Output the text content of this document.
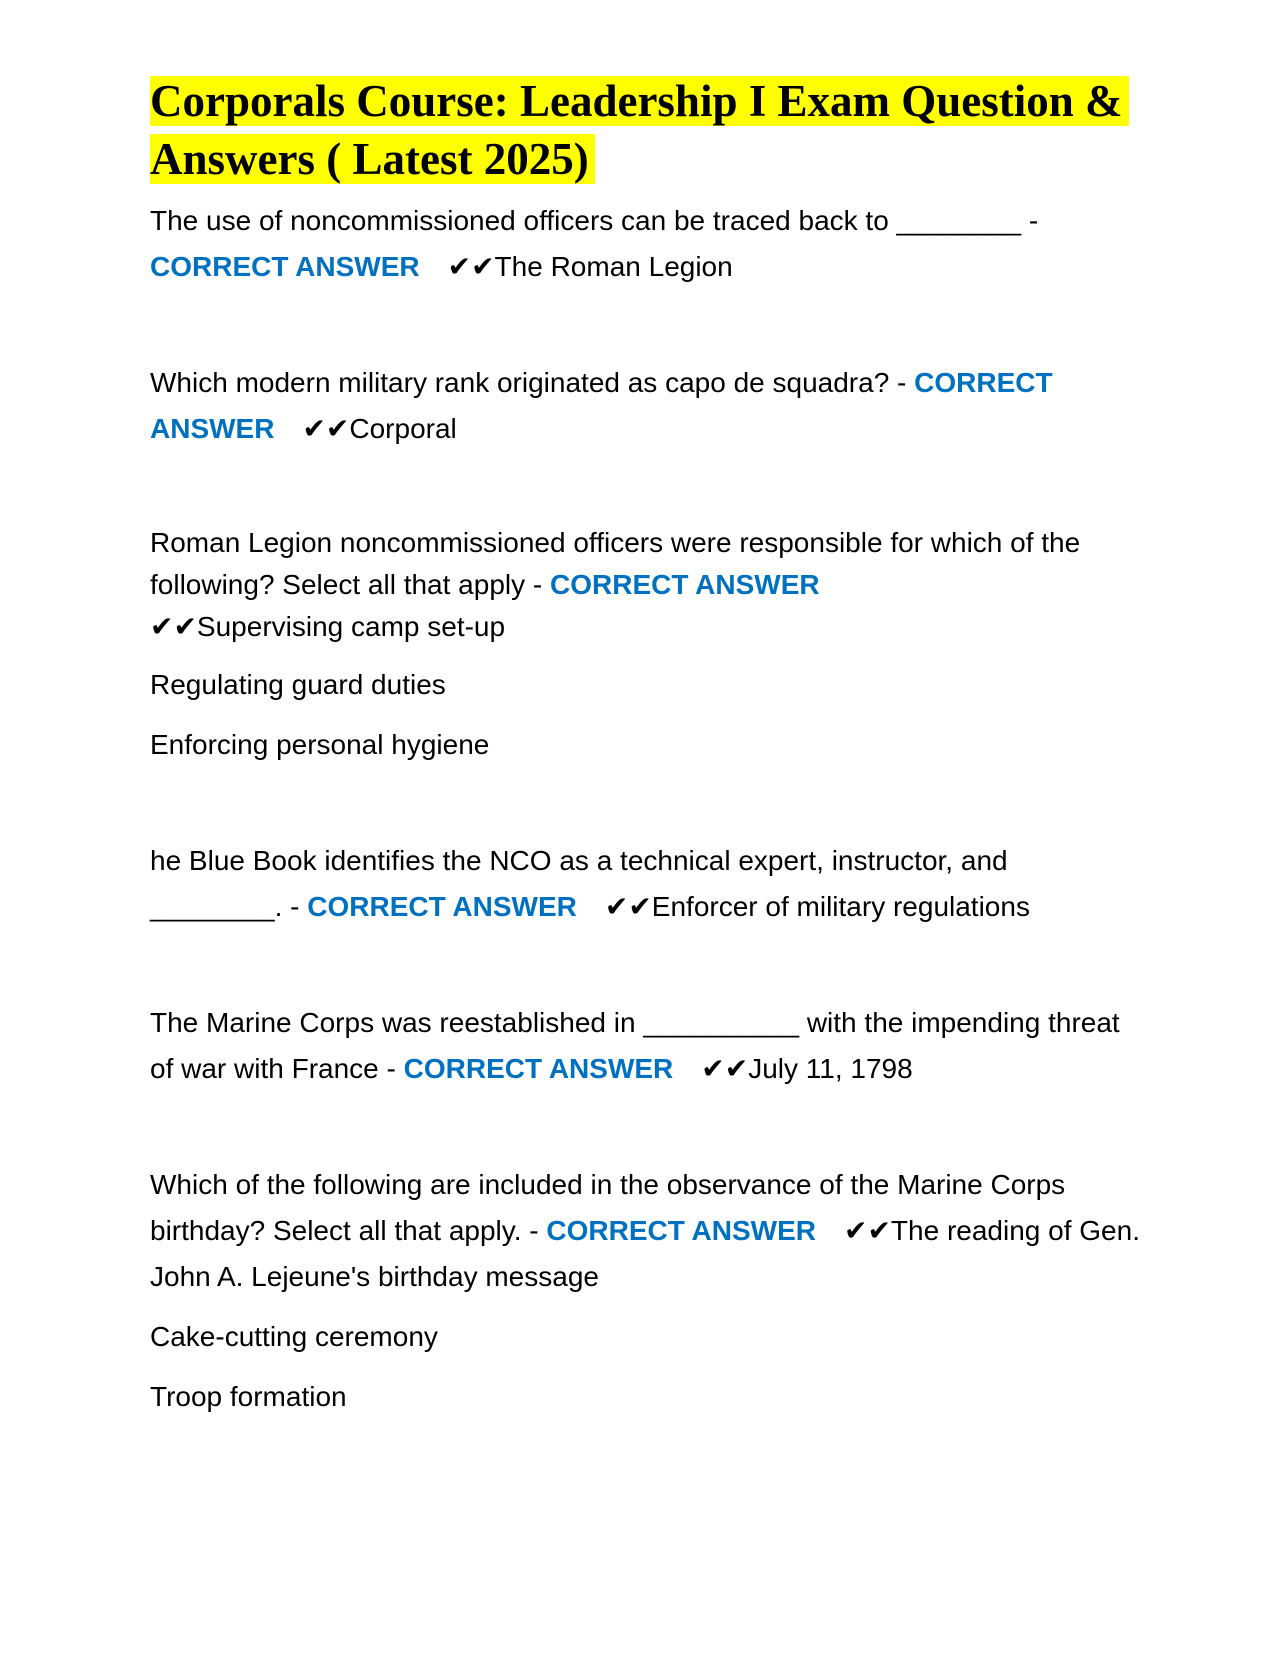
Corporals Course: Leadership I Exam Question & Answers ( Latest 2025)

The use of noncommissioned officers can be traced back to ________ - CORRECT ANSWER ✔✔The Roman Legion

Which modern military rank originated as capo de squadra? - CORRECT ANSWER ✔✔Corporal

Roman Legion noncommissioned officers were responsible for which of the following? Select all that apply - CORRECT ANSWER
✔✔Supervising camp set-up

Regulating guard duties

Enforcing personal hygiene

he Blue Book identifies the NCO as a technical expert, instructor, and ________. - CORRECT ANSWER ✔✔Enforcer of military regulations

The Marine Corps was reestablished in __________ with the impending threat of war with France - CORRECT ANSWER ✔✔July 11, 1798

Which of the following are included in the observance of the Marine Corps birthday? Select all that apply. - CORRECT ANSWER ✔✔The reading of Gen. John A. Lejeune's birthday message

Cake-cutting ceremony

Troop formation
